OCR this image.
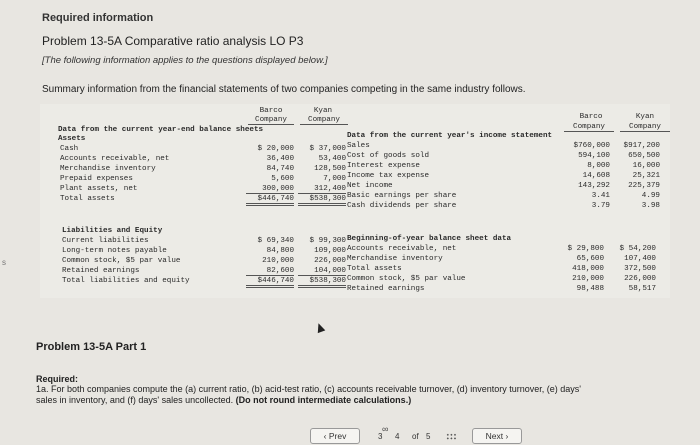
Required information
Problem 13-5A Comparative ratio analysis LO P3
[The following information applies to the questions displayed below.]
Summary information from the financial statements of two companies competing in the same industry follows.
Barco	Kyan
Company	Company
Data from the current year-end balance sheets
Assets
Cash	$ 20,000	$ 37,000
Accounts receivable, net	36,400	53,400
Merchandise inventory	84,740	128,500
Prepaid expenses	5,600	7,000
Plant assets, net	300,000	312,400
Total assets	$446,740	$538,300
Liabilities and Equity
Current liabilities	$ 69,340	$ 99,300
Long-term notes payable	84,800	109,000
Common stock, $5 par value	210,000	226,000
Retained earnings	82,600	104,000
Total liabilities and equity	$446,740	$538,300
Barco	Kyan
Company	Company
Data from the current year's income statement
Sales	$760,000	$917,200
Cost of goods sold	594,100	650,500
Interest expense	8,000	16,000
Income tax expense	14,608	25,321
Net income	143,292	225,379
Basic earnings per share	3.41	4.99
Cash dividends per share	3.79	3.98
Beginning-of-year balance sheet data
Accounts receivable, net	$ 29,800	$ 54,200
Merchandise inventory	65,600	107,400
Total assets	418,000	372,500
Common stock, $5 par value	210,000	226,000
Retained earnings	98,488	58,517
s
Problem 13-5A Part 1
Required:
1a. For both companies compute the (a) current ratio, (b) acid-test ratio, (c) accounts receivable turnover, (d) inventory turnover, (e) days'
sales in inventory, and (f) days' sales uncollected. (Do not round intermediate calculations.)
‹ Prev
∞
3 4 of 5	Next ›
